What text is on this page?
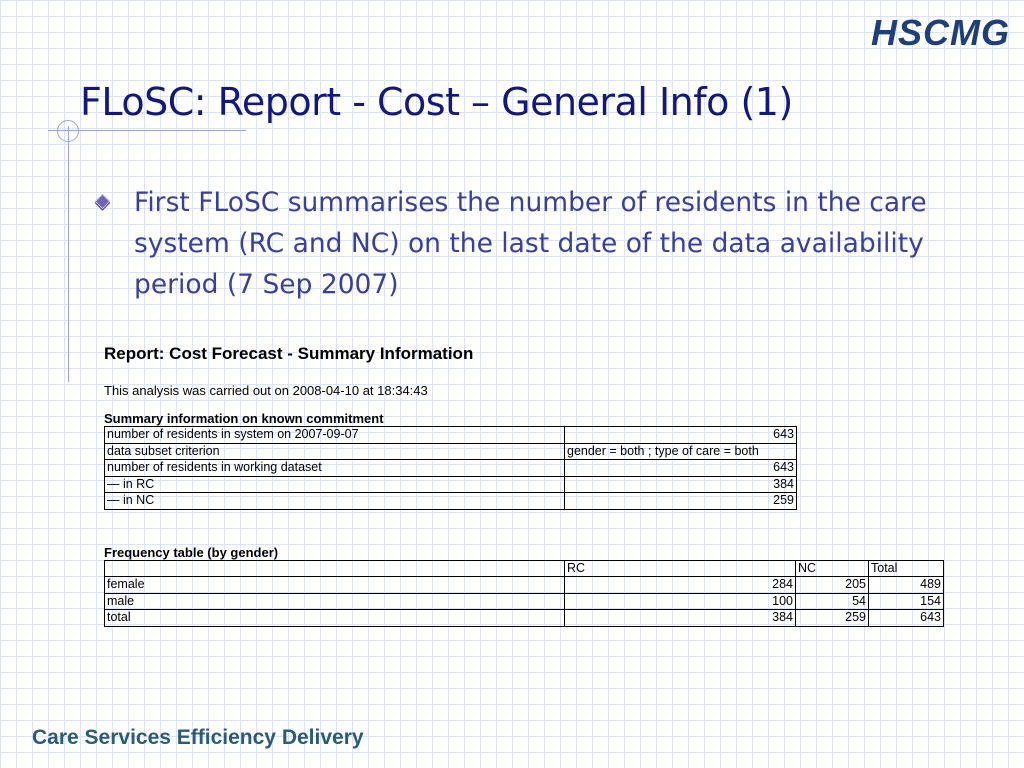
HSCMG
FLoSC: Report - Cost – General Info (1)
First FLoSC summarises the number of residents in the care system (RC and NC) on the last date of the data availability period (7 Sep 2007)
Report: Cost Forecast - Summary Information
This analysis was carried out on 2008-04-10 at 18:34:43
Summary information on known commitment
number of residents in system on 2007-09-07	643
data subset criterion	gender = both ; type of care = both
number of residents in working dataset	643
— in RC	384
— in NC	259
Frequency table (by gender)
	RC	NC	Total
female	284	205	489
male	100	54	154
total	384	259	643
Care Services Efficiency Delivery
